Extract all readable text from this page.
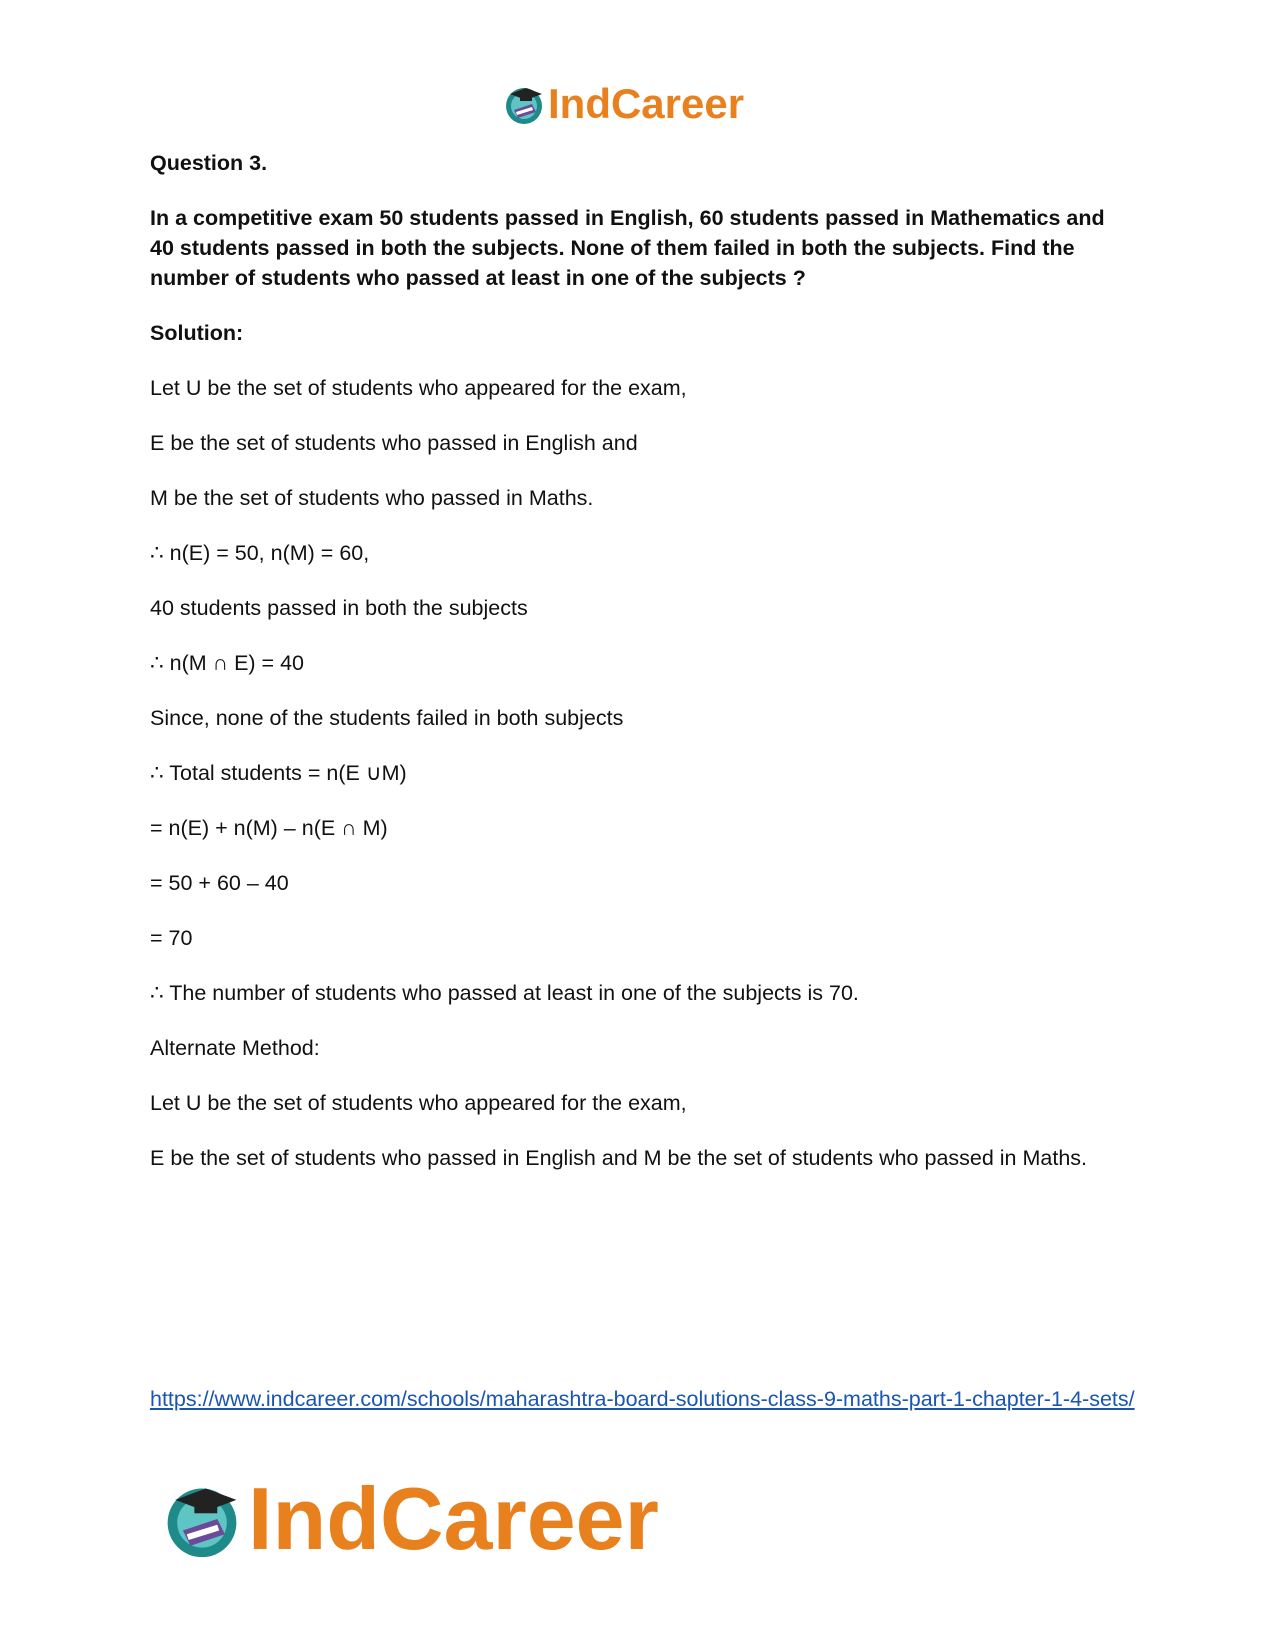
IndCareer

Question 3.

In a competitive exam 50 students passed in English, 60 students passed in Mathematics and 40 students passed in both the subjects. None of them failed in both the subjects. Find the number of students who passed at least in one of the subjects ?

Solution:

Let U be the set of students who appeared for the exam,

E be the set of students who passed in English and

M be the set of students who passed in Maths.

∴ n(E) = 50, n(M) = 60,

40 students passed in both the subjects

∴ n(M ∩ E) = 40

Since, none of the students failed in both subjects

∴ Total students = n(E ∪M)

= n(E) + n(M) – n(E ∩ M)

= 50 + 60 – 40

= 70

∴ The number of students who passed at least in one of the subjects is 70.

Alternate Method:

Let U be the set of students who appeared for the exam,

E be the set of students who passed in English and M be the set of students who passed in Maths.

https://www.indcareer.com/schools/maharashtra-board-solutions-class-9-maths-part-1-chapter-1-4-sets/
IndCareer
